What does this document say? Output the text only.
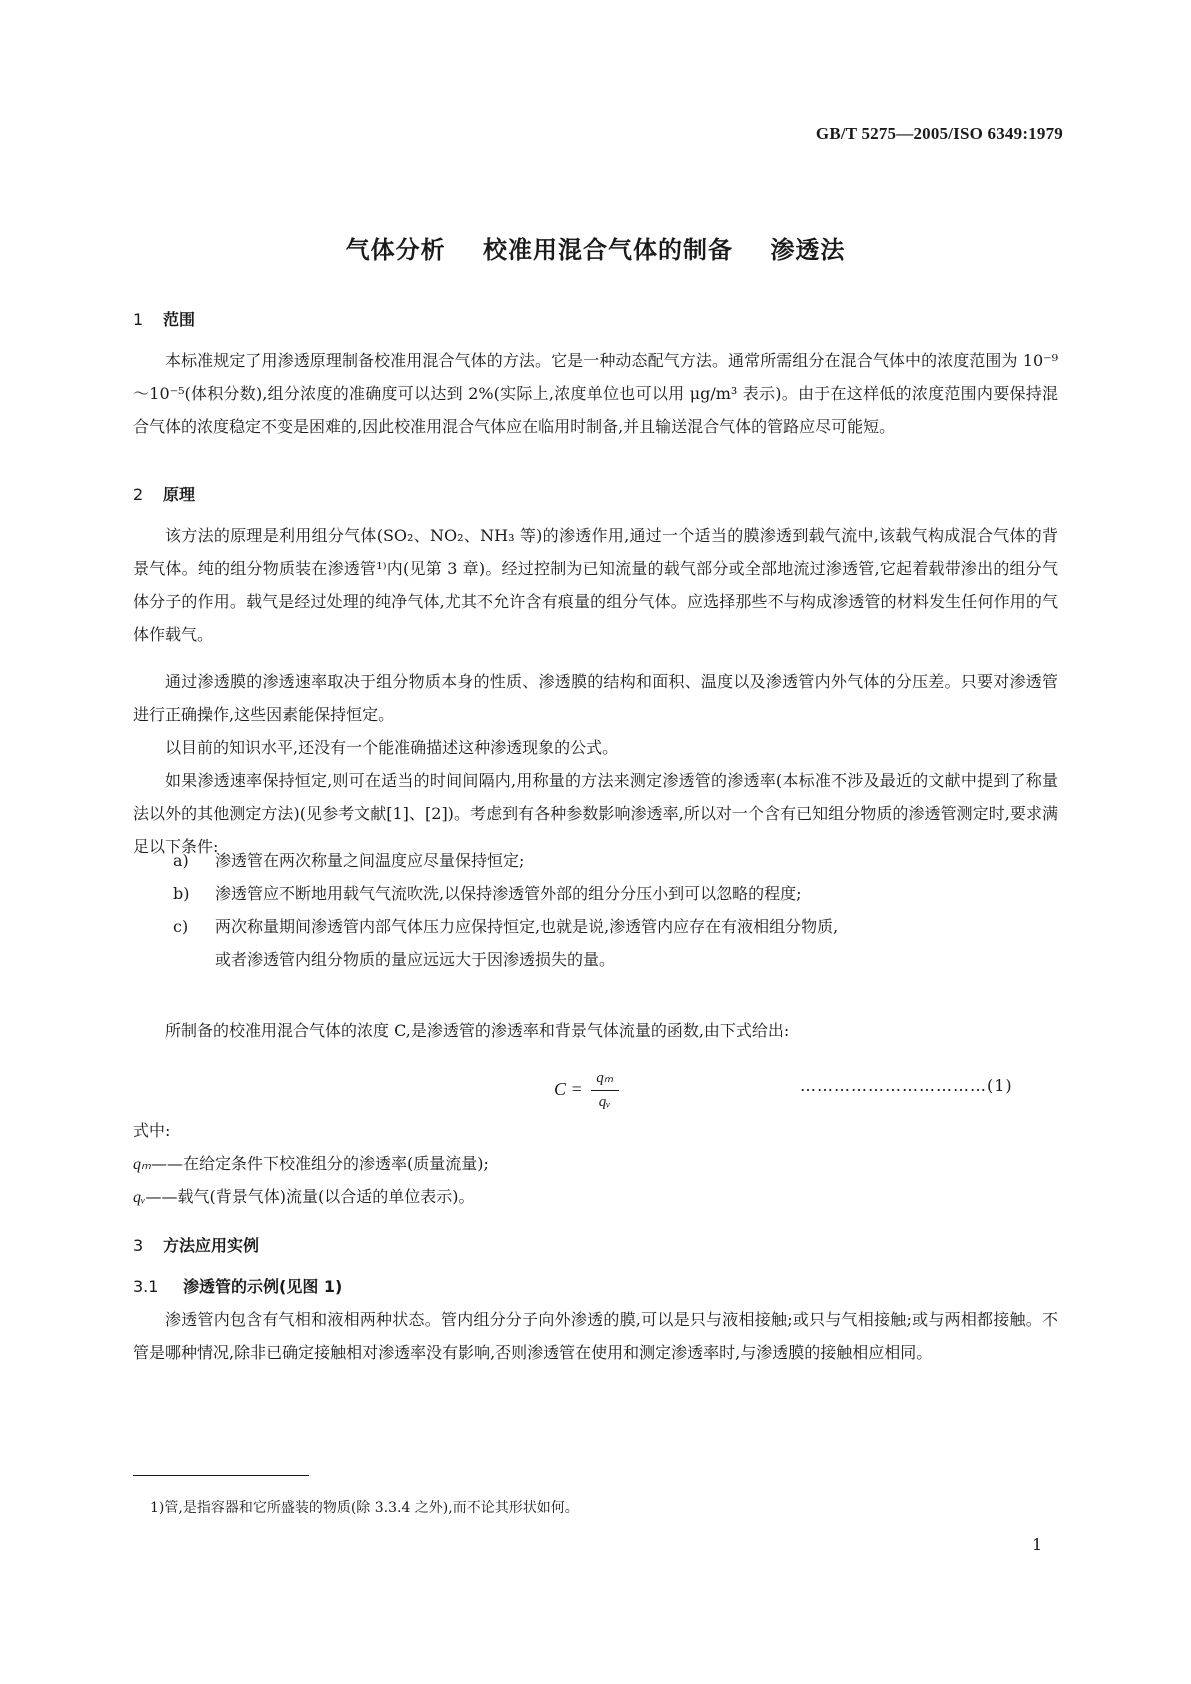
GB/T 5275—2005/ISO 6349:1979
气体分析 校准用混合气体的制备 渗透法
1 范围
本标准规定了用渗透原理制备校准用混合气体的方法。它是一种动态配气方法。通常所需组分在混合气体中的浓度范围为 10⁻⁹～10⁻⁵(体积分数),组分浓度的准确度可以达到 2%(实际上,浓度单位也可以用 μg/m³ 表示)。由于在这样低的浓度范围内要保持混合气体的浓度稳定不变是困难的,因此校准用混合气体应在临用时制备,并且输送混合气体的管路应尽可能短。
2 原理
该方法的原理是利用组分气体(SO₂、NO₂、NH₃ 等)的渗透作用,通过一个适当的膜渗透到载气流中,该载气构成混合气体的背景气体。纯的组分物质装在渗透管¹⁾内(见第 3 章)。经过控制为已知流量的载气部分或全部地流过渗透管,它起着载带渗出的组分气体分子的作用。载气是经过处理的纯净气体,尤其不允许含有痕量的组分气体。应选择那些不与构成渗透管的材料发生任何作用的气体作载气。
通过渗透膜的渗透速率取决于组分物质本身的性质、渗透膜的结构和面积、温度以及渗透管内外气体的分压差。只要对渗透管进行正确操作,这些因素能保持恒定。
以目前的知识水平,还没有一个能准确描述这种渗透现象的公式。
如果渗透速率保持恒定,则可在适当的时间间隔内,用称量的方法来测定渗透管的渗透率(本标准不涉及最近的文献中提到了称量法以外的其他测定方法)(见参考文献[1]、[2])。考虑到有各种参数影响渗透率,所以对一个含有已知组分物质的渗透管测定时,要求满足以下条件:
a) 渗透管在两次称量之间温度应尽量保持恒定;
b) 渗透管应不断地用载气气流吹洗,以保持渗透管外部的组分分压小到可以忽略的程度;
c) 两次称量期间渗透管内部气体压力应保持恒定,也就是说,渗透管内应存在有液相组分物质,
或者渗透管内组分物质的量应远远大于因渗透损失的量。
所制备的校准用混合气体的浓度 C,是渗透管的渗透率和背景气体流量的函数,由下式给出:
$C = \frac{\text{qₘ}}{\text{qᵥ}}$	……………………………(1)
式中:
qₘ——在给定条件下校准组分的渗透率(质量流量);
qᵥ——载气(背景气体)流量(以合适的单位表示)。
3 方法应用实例
3.1 渗透管的示例(见图 1)
渗透管内包含有气相和液相两种状态。管内组分分子向外渗透的膜,可以是只与液相接触;或只与气相接触;或与两相都接触。不管是哪种情况,除非已确定接触相对渗透率没有影响,否则渗透管在使用和测定渗透率时,与渗透膜的接触相应相同。
1)管,是指容器和它所盛装的物质(除 3.3.4 之外),而不论其形状如何。
1
